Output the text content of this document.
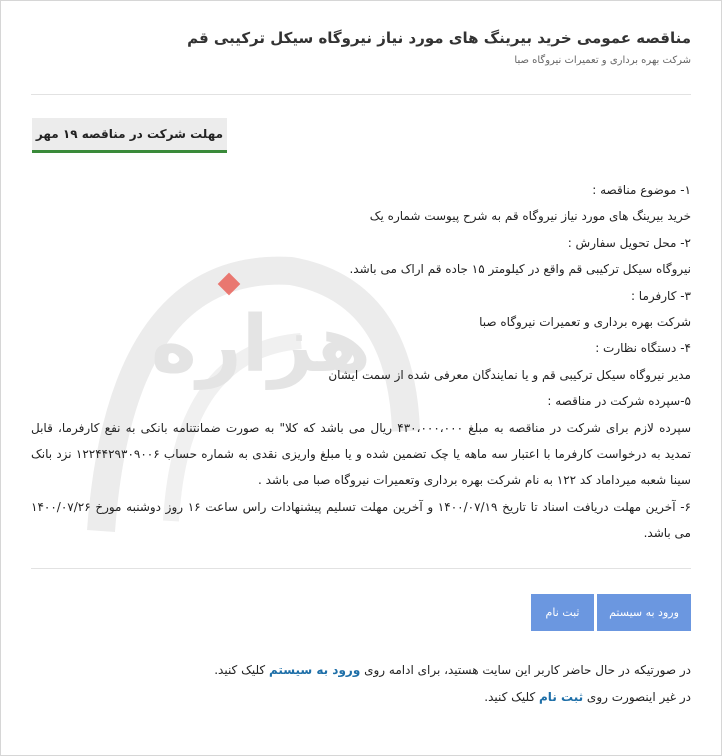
هزاره
مناقصه عمومی خرید بیرینگ های مورد نیاز نیروگاه سیکل ترکیبی قم
شرکت بهره برداری و تعمیرات نیروگاه صبا
مهلت شرکت در مناقصه ۱۹ مهر

۱- موضوع مناقصه :

خرید بیرینگ های مورد نیاز نیروگاه قم به شرح پیوست شماره یک

۲- محل تحویل سفارش :

نیروگاه سیکل ترکیبی قم واقع در کیلومتر ۱۵ جاده قم اراک می باشد.

۳- کارفرما :

شرکت بهره برداری و تعمیرات نیروگاه صبا

۴- دستگاه نظارت :

مدیر نیروگاه سیکل ترکیبی قم و یا نمایندگان معرفی شده از سمت ایشان

۵-سپرده شرکت در مناقصه :

سپرده لازم برای شرکت در مناقصه به مبلغ ۴۳۰،۰۰۰،۰۰۰ ریال می باشد که کلا" به صورت ضمانتنامه بانکی به نفع کارفرما، قابل تمدید به درخواست کارفرما با اعتبار سه ماهه یا چک تضمین شده و یا مبلغ واریزی نقدی به شماره حساب ۱۲۲۴۴۲۹۳۰۹۰۰۶ نزد بانک سینا شعبه میرداماد کد ۱۲۲ به نام شرکت بهره برداری وتعمیرات نیروگاه صبا می باشد .

۶- آخرین مهلت دریافت اسناد تا تاریخ ۱۴۰۰/۰۷/۱۹ و آخرین مهلت تسلیم پیشنهادات راس ساعت ۱۶ روز دوشنبه مورخ ۱۴۰۰/۰۷/۲۶ می باشد.

ورود به سیستم
ثبت نام

در صورتیکه در حال حاضر کاربر این سایت هستید، برای ادامه روی ورود به سیستم کلیک کنید.

در غیر اینصورت روی ثبت نام کلیک کنید.
